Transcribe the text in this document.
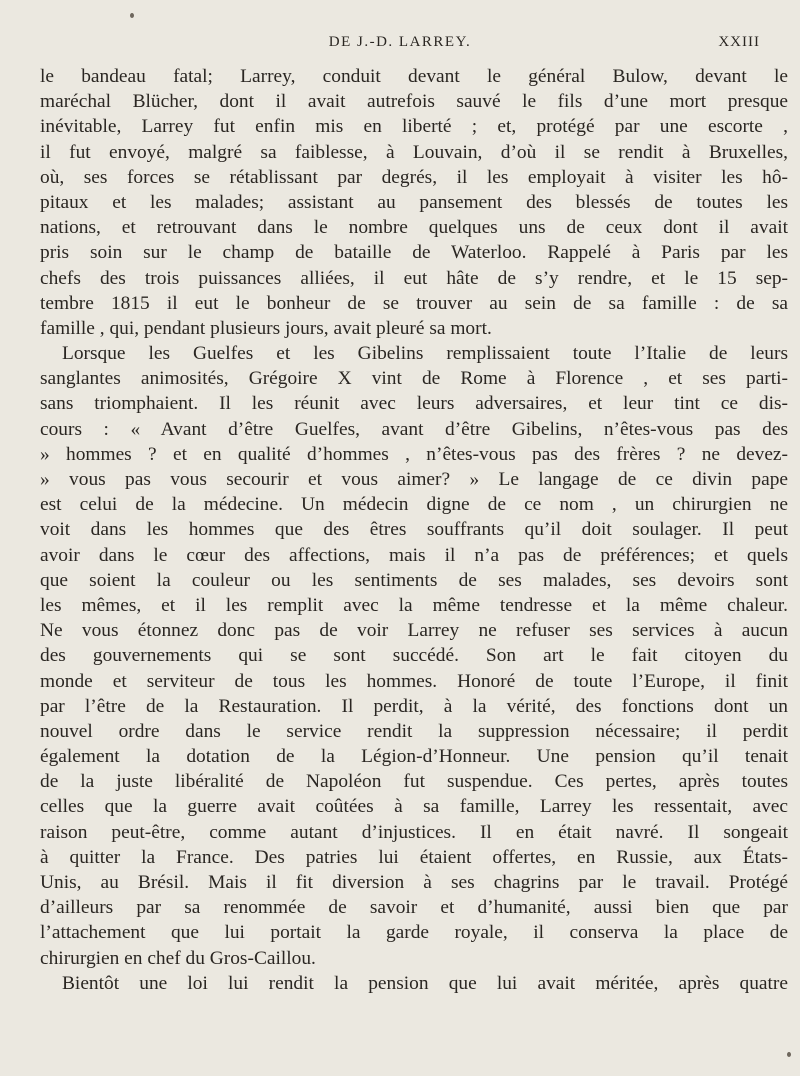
DE J.-D. LARREY.	XXIII
le bandeau fatal; Larrey, conduit devant le général Bulow, devant le
maréchal Blücher, dont il avait autrefois sauvé le fils d’une mort presque
inévitable, Larrey fut enfin mis en liberté ; et, protégé par une escorte ,
il fut envoyé, malgré sa faiblesse, à Louvain, d’où il se rendit à Bruxelles,
où, ses forces se rétablissant par degrés, il les employait à visiter les hô-
pitaux et les malades; assistant au pansement des blessés de toutes les
nations, et retrouvant dans le nombre quelques uns de ceux dont il avait
pris soin sur le champ de bataille de Waterloo. Rappelé à Paris par les
chefs des trois puissances alliées, il eut hâte de s’y rendre, et le 15 sep-
tembre 1815 il eut le bonheur de se trouver au sein de sa famille : de sa
famille , qui, pendant plusieurs jours, avait pleuré sa mort.
Lorsque les Guelfes et les Gibelins remplissaient toute l’Italie de leurs
sanglantes animosités, Grégoire X vint de Rome à Florence , et ses parti-
sans triomphaient. Il les réunit avec leurs adversaires, et leur tint ce dis-
cours : « Avant d’être Guelfes, avant d’être Gibelins, n’êtes-vous pas des
» hommes ? et en qualité d’hommes , n’êtes-vous pas des frères ? ne devez-
» vous pas vous secourir et vous aimer? » Le langage de ce divin pape
est celui de la médecine. Un médecin digne de ce nom , un chirurgien ne
voit dans les hommes que des êtres souffrants qu’il doit soulager. Il peut
avoir dans le cœur des affections, mais il n’a pas de préférences; et quels
que soient la couleur ou les sentiments de ses malades, ses devoirs sont
les mêmes, et il les remplit avec la même tendresse et la même chaleur.
Ne vous étonnez donc pas de voir Larrey ne refuser ses services à aucun
des gouvernements qui se sont succédé. Son art le fait citoyen du
monde et serviteur de tous les hommes. Honoré de toute l’Europe, il finit
par l’être de la Restauration. Il perdit, à la vérité, des fonctions dont un
nouvel ordre dans le service rendit la suppression nécessaire; il perdit
également la dotation de la Légion-d’Honneur. Une pension qu’il tenait
de la juste libéralité de Napoléon fut suspendue. Ces pertes, après toutes
celles que la guerre avait coûtées à sa famille, Larrey les ressentait, avec
raison peut-être, comme autant d’injustices. Il en était navré. Il songeait
à quitter la France. Des patries lui étaient offertes, en Russie, aux États-
Unis, au Brésil. Mais il fit diversion à ses chagrins par le travail. Protégé
d’ailleurs par sa renommée de savoir et d’humanité, aussi bien que par
l’attachement que lui portait la garde royale, il conserva la place de
chirurgien en chef du Gros-Caillou.
Bientôt une loi lui rendit la pension que lui avait méritée, après quatre
